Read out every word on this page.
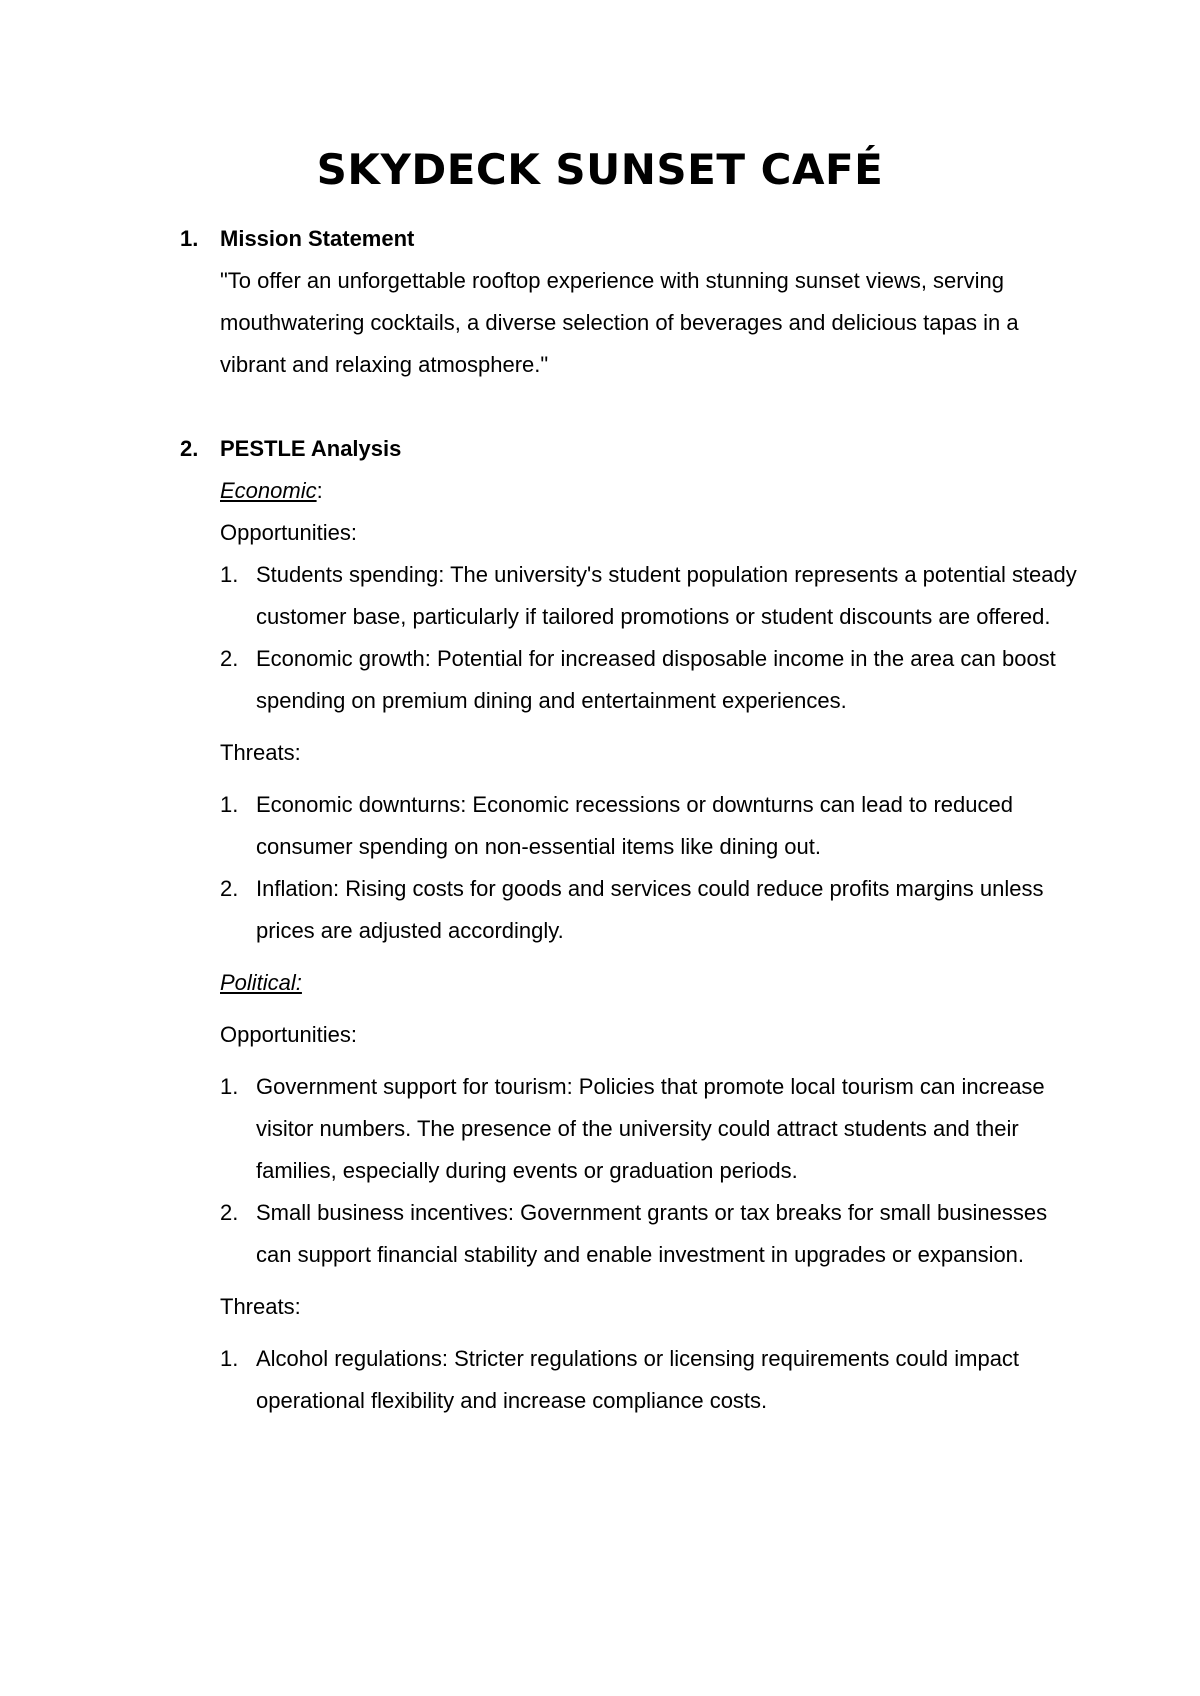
SKYDECK SUNSET CAFÉ
1. Mission Statement
"To offer an unforgettable rooftop experience with stunning sunset views, serving mouthwatering cocktails, a diverse selection of beverages and delicious tapas in a vibrant and relaxing atmosphere."
2. PESTLE Analysis
Economic:
Opportunities:
1. Students spending: The university's student population represents a potential steady customer base, particularly if tailored promotions or student discounts are offered.
2. Economic growth: Potential for increased disposable income in the area can boost spending on premium dining and entertainment experiences.
Threats:
1. Economic downturns: Economic recessions or downturns can lead to reduced consumer spending on non-essential items like dining out.
2. Inflation: Rising costs for goods and services could reduce profits margins unless prices are adjusted accordingly.
Political:
Opportunities:
1. Government support for tourism: Policies that promote local tourism can increase visitor numbers. The presence of the university could attract students and their families, especially during events or graduation periods.
2. Small business incentives: Government grants or tax breaks for small businesses can support financial stability and enable investment in upgrades or expansion.
Threats:
1. Alcohol regulations: Stricter regulations or licensing requirements could impact operational flexibility and increase compliance costs.
